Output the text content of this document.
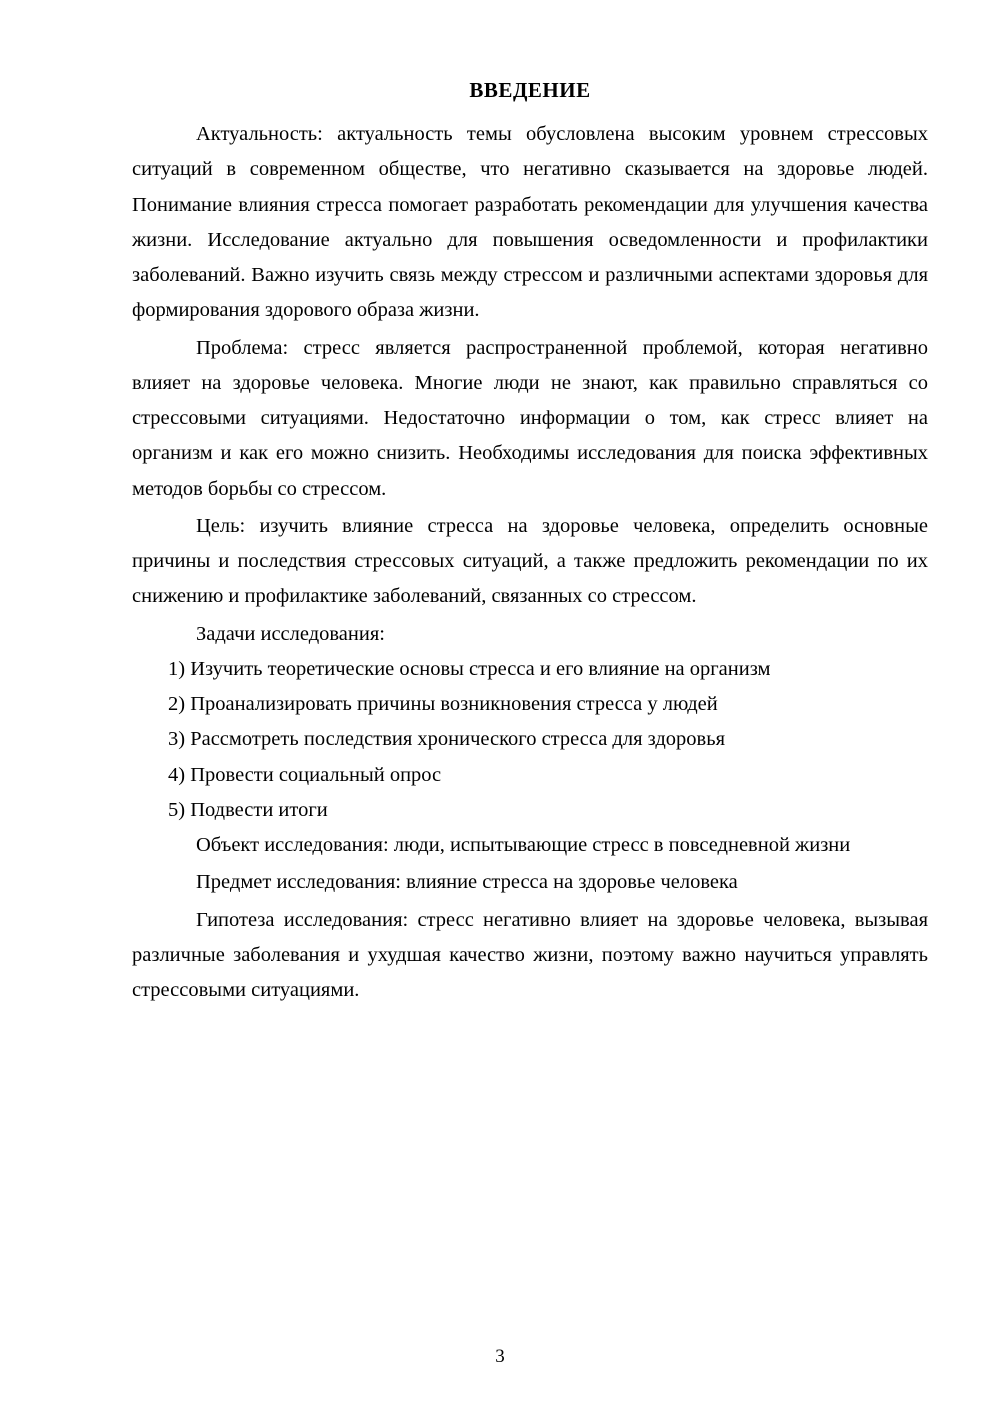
ВВЕДЕНИЕ

Актуальность: актуальность темы обусловлена высоким уровнем стрессовых ситуаций в современном обществе, что негативно сказывается на здоровье людей. Понимание влияния стресса помогает разработать рекомендации для улучшения качества жизни. Исследование актуально для повышения осведомленности и профилактики заболеваний. Важно изучить связь между стрессом и различными аспектами здоровья для формирования здорового образа жизни.

Проблема: стресс является распространенной проблемой, которая негативно влияет на здоровье человека. Многие люди не знают, как правильно справляться со стрессовыми ситуациями. Недостаточно информации о том, как стресс влияет на организм и как его можно снизить. Необходимы исследования для поиска эффективных методов борьбы со стрессом.

Цель: изучить влияние стресса на здоровье человека, определить основные причины и последствия стрессовых ситуаций, а также предложить рекомендации по их снижению и профилактике заболеваний, связанных со стрессом.

Задачи исследования:

1) Изучить теоретические основы стресса и его влияние на организм
2) Проанализировать причины возникновения стресса у людей
3) Рассмотреть последствия хронического стресса для здоровья
4) Провести социальный опрос
5) Подвести итоги

Объект исследования: люди, испытывающие стресс в повседневной жизни

Предмет исследования: влияние стресса на здоровье человека

Гипотеза исследования: стресс негативно влияет на здоровье человека, вызывая различные заболевания и ухудшая качество жизни, поэтому важно научиться управлять стрессовыми ситуациями.

3
